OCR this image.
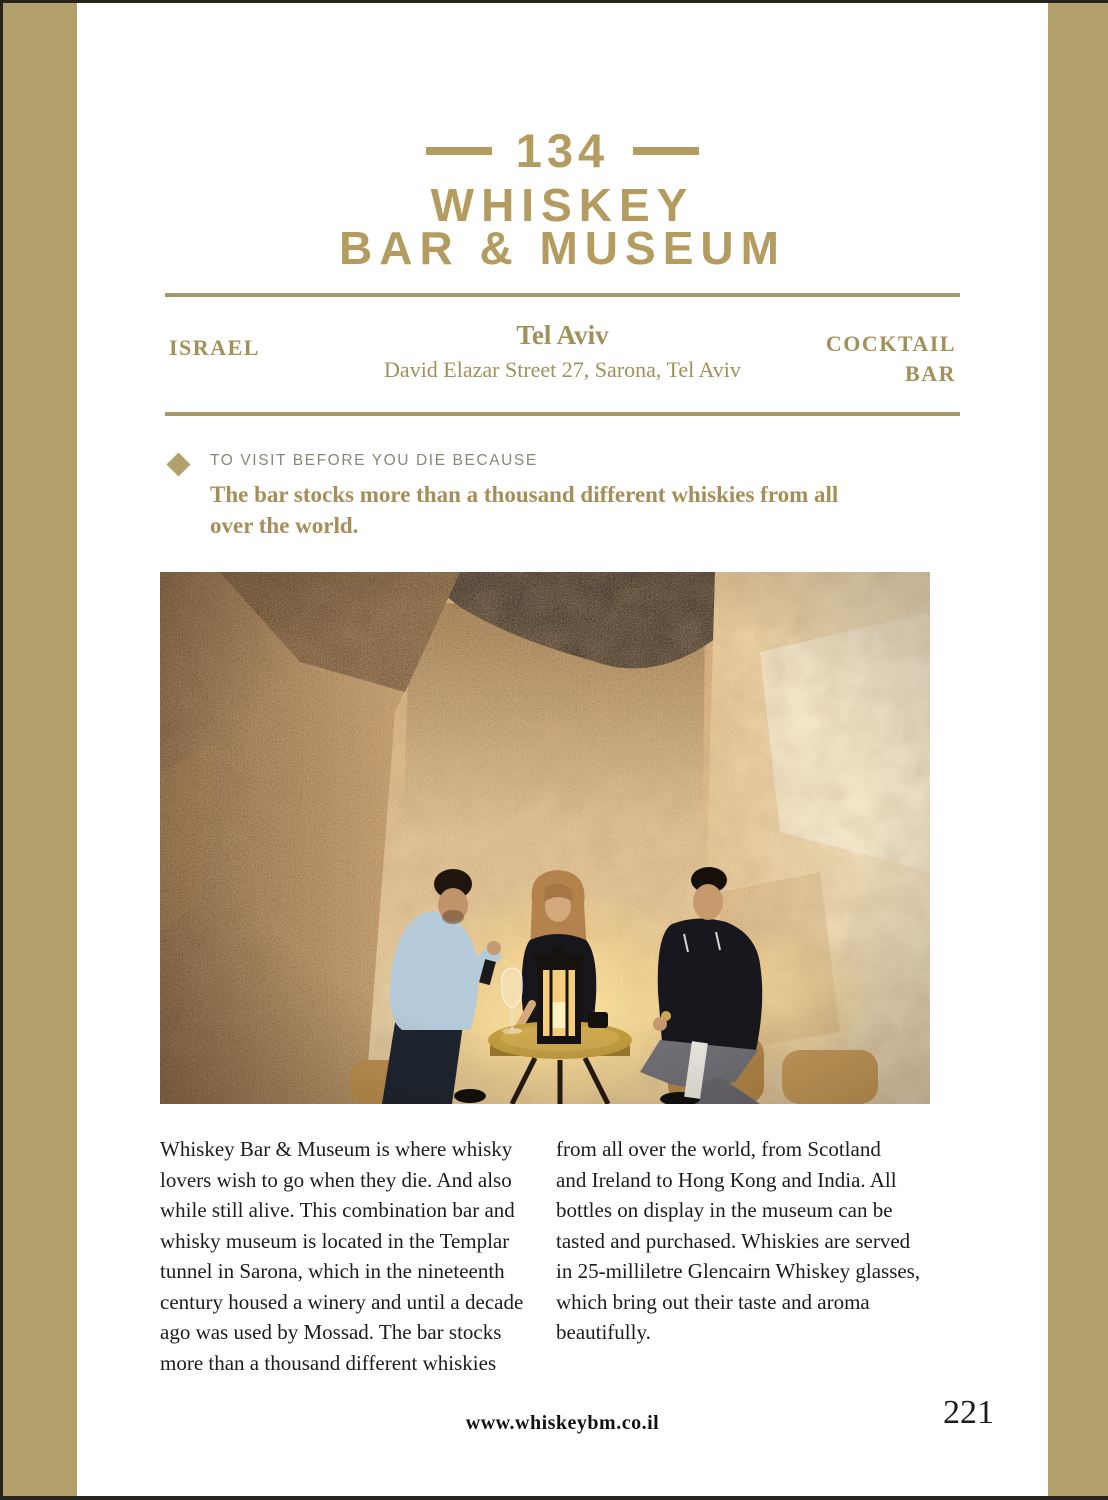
134
WHISKEY
BAR & MUSEUM
ISRAEL	Tel Aviv
David Elazar Street 27, Sarona, Tel Aviv
COCKTAIL
BAR
TO VISIT BEFORE YOU DIE BECAUSE
The bar stocks more than a thousand different whiskies from all
over the world.
Whiskey Bar & Museum is where whisky
lovers wish to go when they die. And also
while still alive. This combination bar and
whisky museum is located in the Templar
tunnel in Sarona, which in the nineteenth
century housed a winery and until a decade
ago was used by Mossad. The bar stocks
more than a thousand different whiskies
from all over the world, from Scotland
and Ireland to Hong Kong and India. All
bottles on display in the museum can be
tasted and purchased. Whiskies are served
in 25-milliletre Glencairn Whiskey glasses,
which bring out their taste and aroma
beautifully.
www.whiskeybm.co.il	221
